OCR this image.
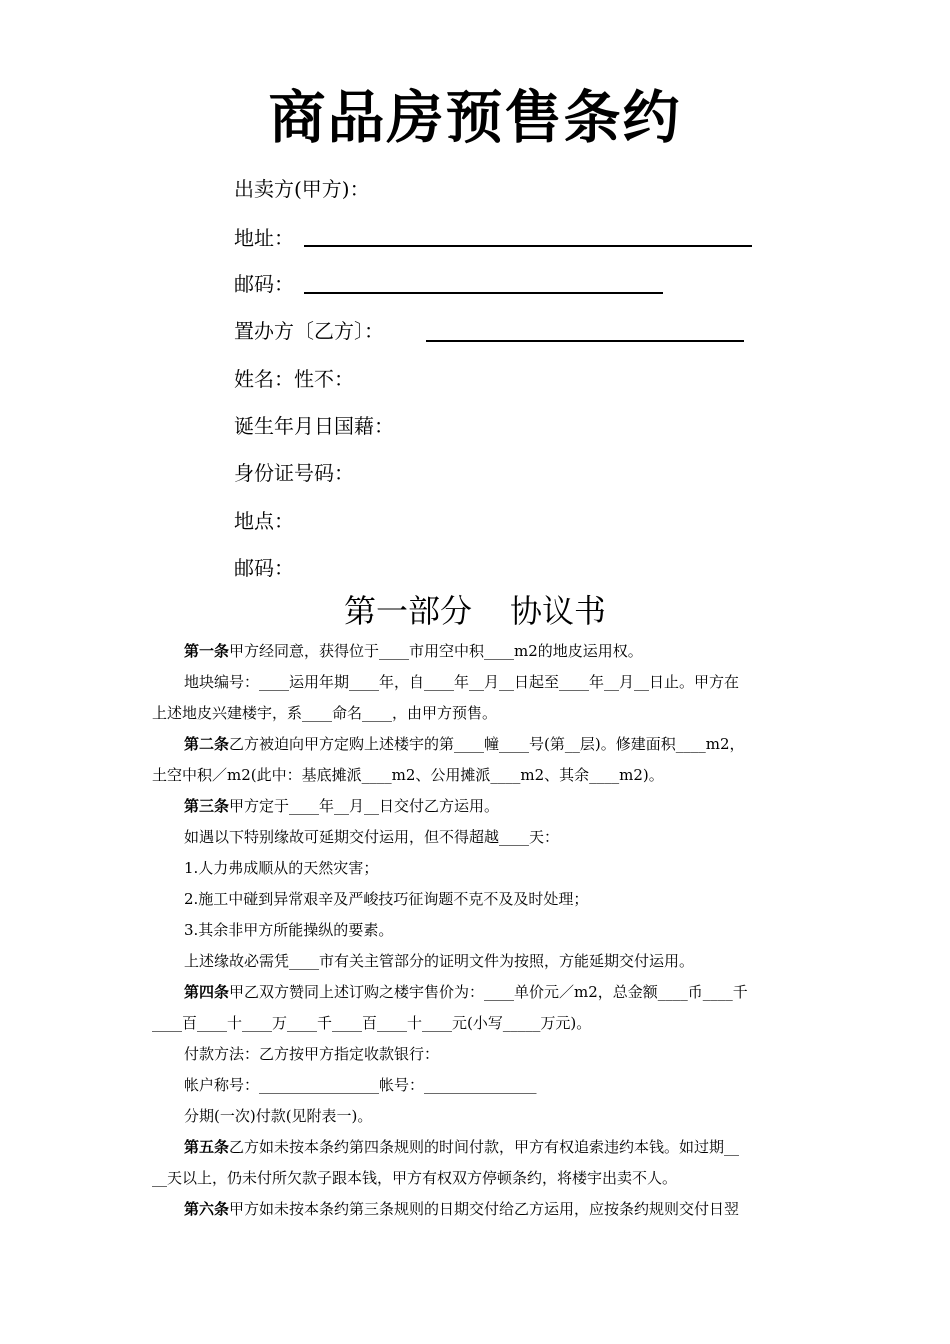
商品房预售条约
出卖方(甲方)：
地址：
邮码：
置办方〔乙方〕：
姓名：性不：
诞生年月日国藉：
身份证号码：
地点：
邮码：
第一部分 协议书

第一条甲方经同意，获得位于____市用空中积____m2的地皮运用权。

地块编号：____运用年期____年，自____年__月__日起至____年__月__日止。甲方在

上述地皮兴建楼宇，系____命名____，由甲方预售。

第二条乙方被迫向甲方定购上述楼宇的第____幢____号(第__层)。修建面积____m2，

土空中积／m2(此中：基底摊派____m2、公用摊派____m2、其余____m2)。

第三条甲方定于____年__月__日交付乙方运用。

如遇以下特别缘故可延期交付运用，但不得超越____天：

1.人力弗成顺从的天然灾害；

2.施工中碰到异常艰辛及严峻技巧征询题不克不及及时处理；

3.其余非甲方所能操纵的要素。

上述缘故必需凭____市有关主管部分的证明文件为按照，方能延期交付运用。

第四条甲乙双方赞同上述订购之楼宇售价为：____单价元／m2，总金额____币____千

____百____十____万____千____百____十____元(小写_____万元)。

付款方法：乙方按甲方指定收款银行：

帐户称号：________________帐号：_______________

分期(一次)付款(见附表一)。

第五条乙方如未按本条约第四条规则的时间付款，甲方有权追索违约本钱。如过期__

__天以上，仍未付所欠款子跟本钱，甲方有权双方停顿条约，将楼宇出卖不人。

第六条甲方如未按本条约第三条规则的日期交付给乙方运用，应按条约规则交付日翌
